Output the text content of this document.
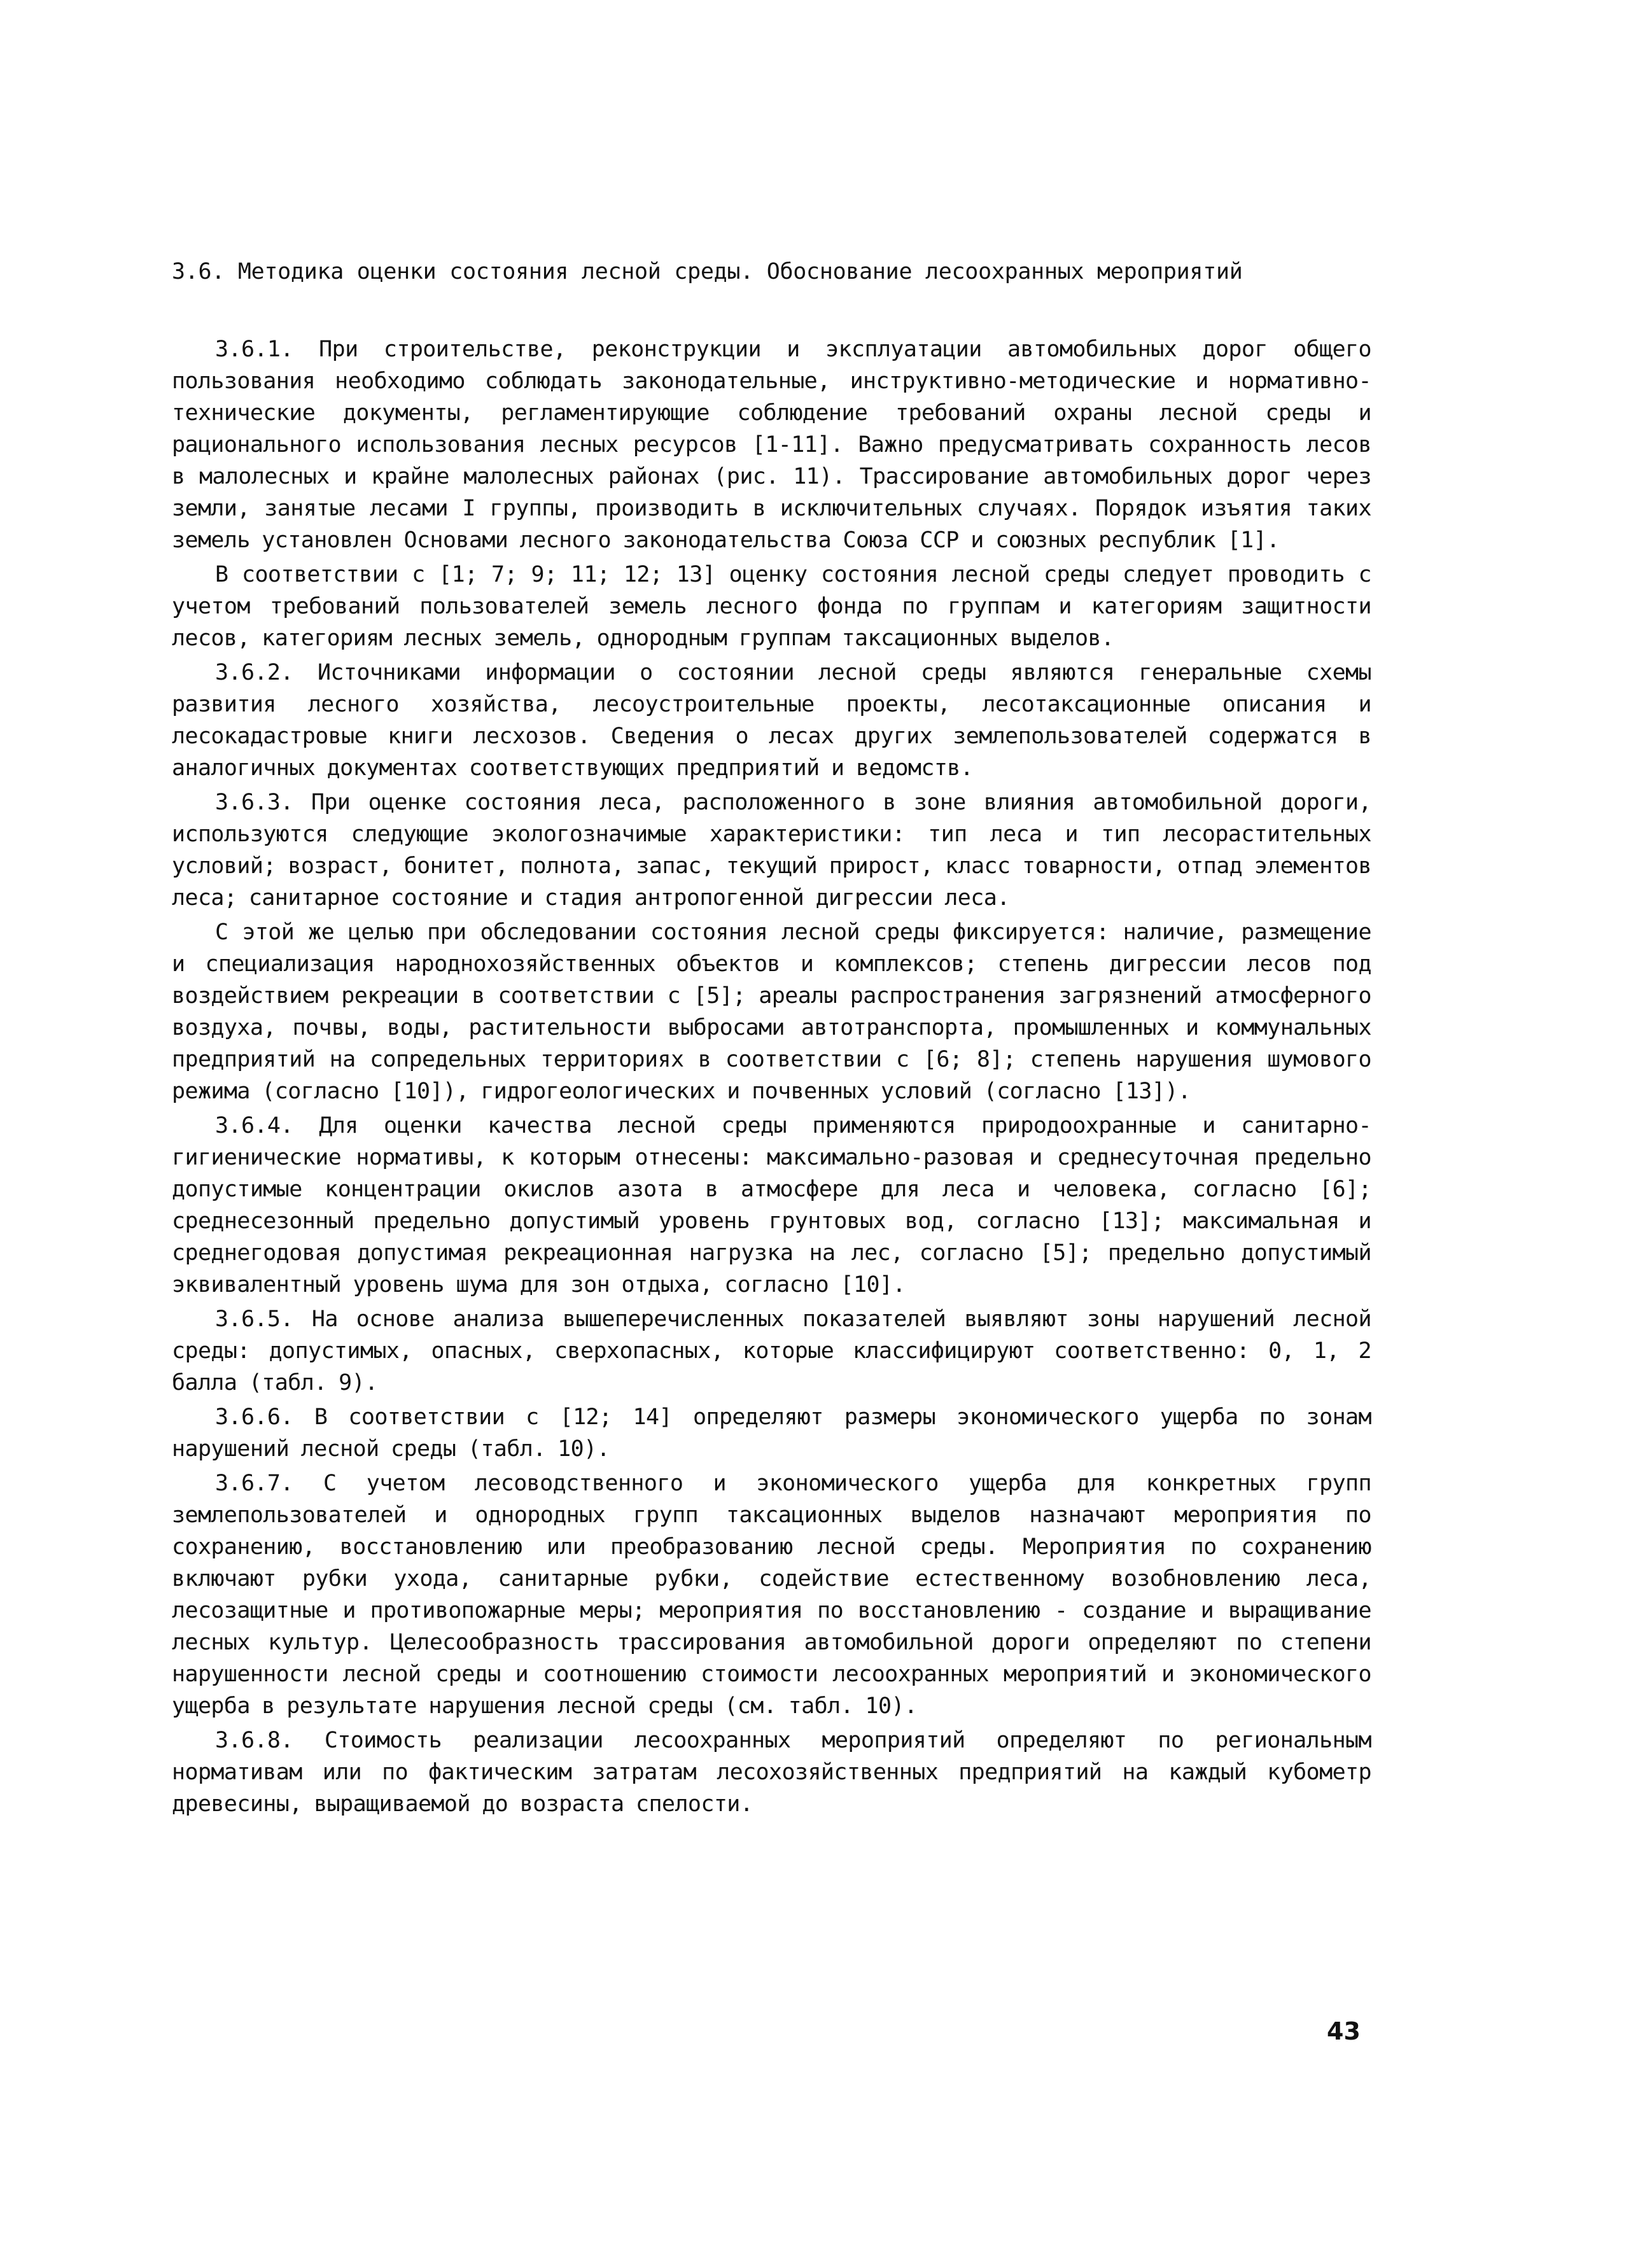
3.6. Методика оценки состояния лесной среды. Обоснование лесоохранных мероприятий

3.6.1. При строительстве, реконструкции и эксплуатации автомобильных дорог общего пользования необходимо соблюдать законодательные, инструктивно-методические и нормативно-технические документы, регламентирующие соблюдение требований охраны лесной среды и рационального использования лесных ресурсов [1-11]. Важно предусматривать сохранность лесов в малолесных и крайне малолесных районах (рис. 11). Трассирование автомобильных дорог через земли, занятые лесами I группы, производить в исключительных случаях. Порядок изъятия таких земель установлен Основами лесного законодательства Союза ССР и союзных республик [1].

В соответствии с [1; 7; 9; 11; 12; 13] оценку состояния лесной среды следует проводить с учетом требований пользователей земель лесного фонда по группам и категориям защитности лесов, категориям лесных земель, однородным группам таксационных выделов.

3.6.2. Источниками информации о состоянии лесной среды являются генеральные схемы развития лесного хозяйства, лесоустроительные проекты, лесотаксационные описания и лесокадастровые книги лесхозов. Сведения о лесах других землепользователей содержатся в аналогичных документах соответствующих предприятий и ведомств.

3.6.3. При оценке состояния леса, расположенного в зоне влияния автомобильной дороги, используются следующие экологозначимые характеристики: тип леса и тип лесорастительных условий; возраст, бонитет, полнота, запас, текущий прирост, класс товарности, отпад элементов леса; санитарное состояние и стадия антропогенной дигрессии леса.

С этой же целью при обследовании состояния лесной среды фиксируется: наличие, размещение и специализация народнохозяйственных объектов и комплексов; степень дигрессии лесов под воздействием рекреации в соответствии с [5]; ареалы распространения загрязнений атмосферного воздуха, почвы, воды, растительности выбросами автотранспорта, промышленных и коммунальных предприятий на сопредельных территориях в соответствии с [6; 8]; степень нарушения шумового режима (согласно [10]), гидрогеологических и почвенных условий (согласно [13]).

3.6.4. Для оценки качества лесной среды применяются природоохранные и санитарно-гигиенические нормативы, к которым отнесены: максимально-разовая и среднесуточная предельно допустимые концентрации окислов азота в атмосфере для леса и человека, согласно [6]; среднесезонный предельно допустимый уровень грунтовых вод, согласно [13]; максимальная и среднегодовая допустимая рекреационная нагрузка на лес, согласно [5]; предельно допустимый эквивалентный уровень шума для зон отдыха, согласно [10].

3.6.5. На основе анализа вышеперечисленных показателей выявляют зоны нарушений лесной среды: допустимых, опасных, сверхопасных, которые классифицируют соответственно: 0, 1, 2 балла (табл. 9).

3.6.6. В соответствии с [12; 14] определяют размеры экономического ущерба по зонам нарушений лесной среды (табл. 10).

3.6.7. С учетом лесоводственного и экономического ущерба для конкретных групп землепользователей и однородных групп таксационных выделов назначают мероприятия по сохранению, восстановлению или преобразованию лесной среды. Мероприятия по сохранению включают рубки ухода, санитарные рубки, содействие естественному возобновлению леса, лесозащитные и противопожарные меры; мероприятия по восстановлению - создание и выращивание лесных культур. Целесообразность трассирования автомобильной дороги определяют по степени нарушенности лесной среды и соотношению стоимости лесоохранных мероприятий и экономического ущерба в результате нарушения лесной среды (см. табл. 10).

3.6.8. Стоимость реализации лесоохранных мероприятий определяют по региональным нормативам или по фактическим затратам лесохозяйственных предприятий на каждый кубометр древесины, выращиваемой до возраста спелости.

43
